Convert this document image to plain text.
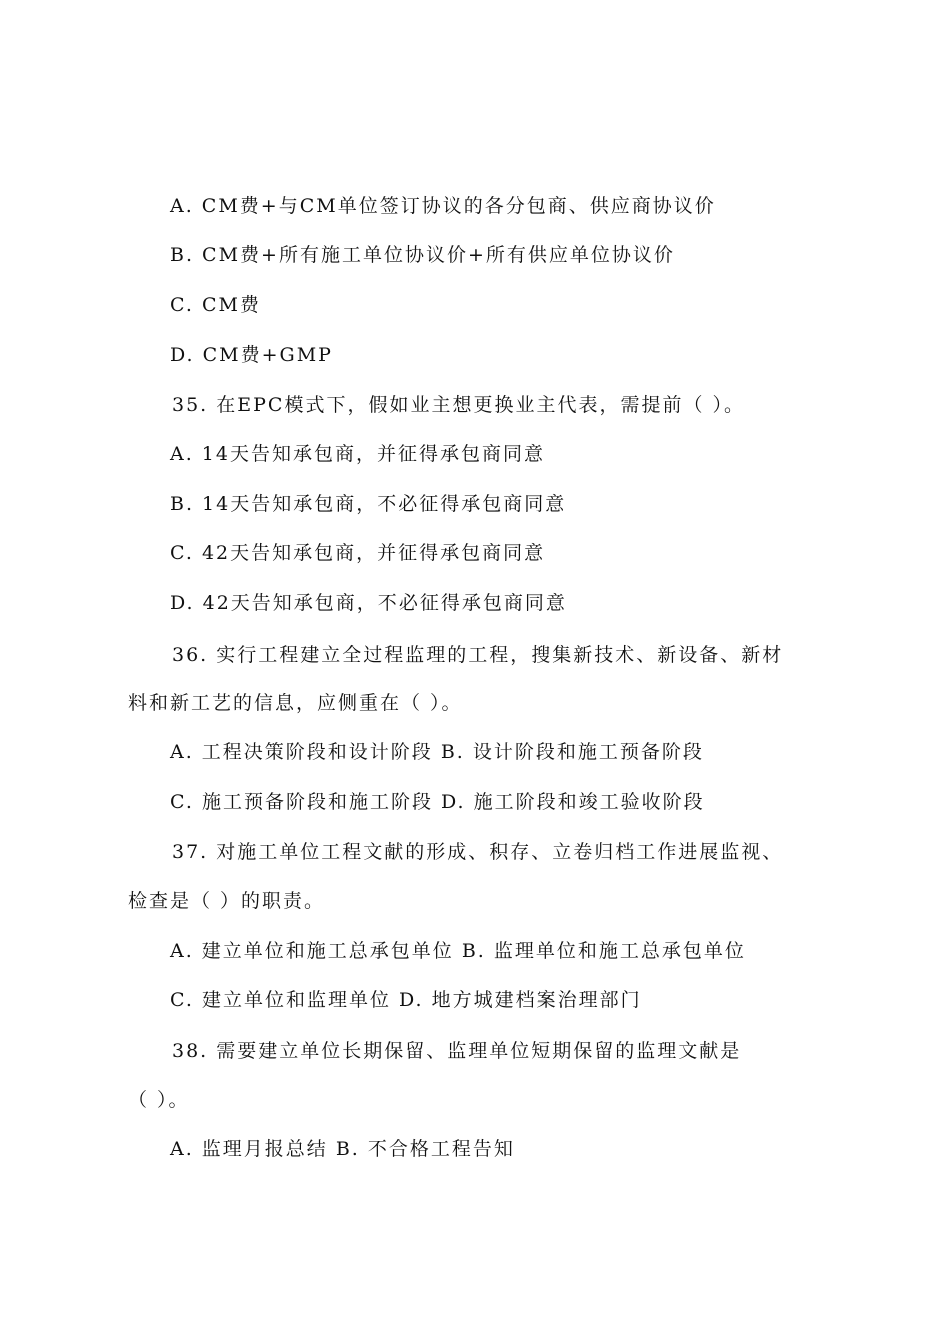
A. CM费+与CM单位签订协议的各分包商、供应商协议价
B. CM费+所有施工单位协议价+所有供应单位协议价
C. CM费
D. CM费+GMP
35. 在EPC模式下，假如业主想更换业主代表，需提前（ ）。
A. 14天告知承包商，并征得承包商同意
B. 14天告知承包商，不必征得承包商同意
C. 42天告知承包商，并征得承包商同意
D. 42天告知承包商，不必征得承包商同意
36. 实行工程建立全过程监理的工程，搜集新技术、新设备、新材
料和新工艺的信息，应侧重在（ ）。
A. 工程决策阶段和设计阶段 B. 设计阶段和施工预备阶段
C. 施工预备阶段和施工阶段 D. 施工阶段和竣工验收阶段
37. 对施工单位工程文献的形成、积存、立卷归档工作进展监视、
检查是（ ）的职责。
A. 建立单位和施工总承包单位 B. 监理单位和施工总承包单位
C. 建立单位和监理单位 D. 地方城建档案治理部门
38. 需要建立单位长期保留、监理单位短期保留的监理文献是
（ ）。
A. 监理月报总结 B. 不合格工程告知
